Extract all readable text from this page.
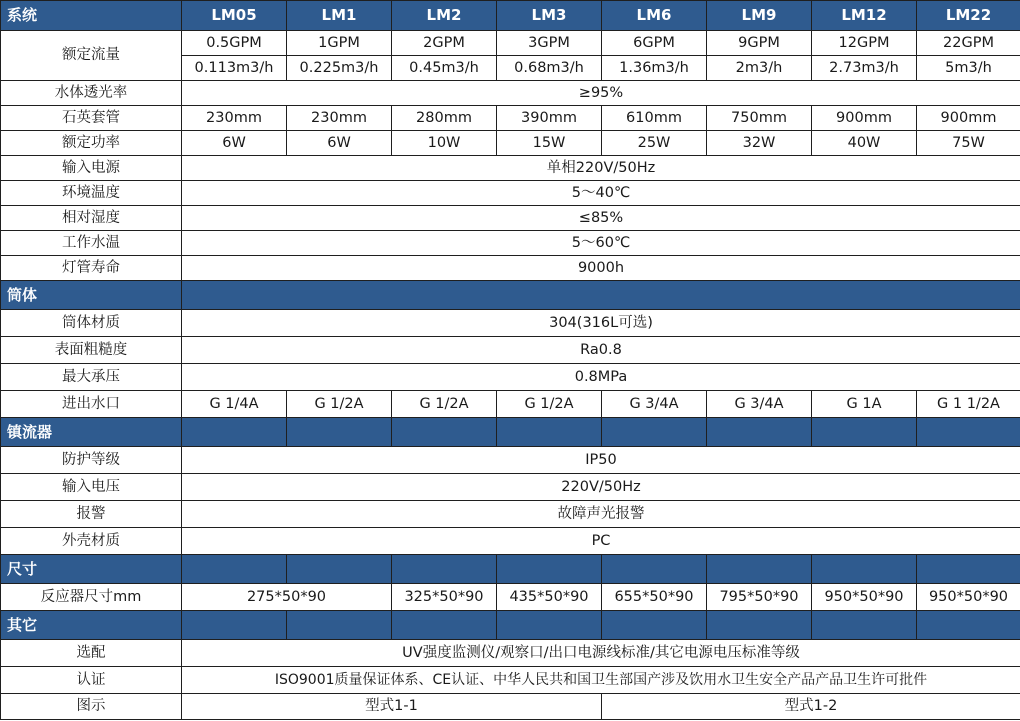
系统	LM05	LM1	LM2	LM3	LM6	LM9	LM12	LM22
额定流量	0.5GPM	1GPM	2GPM	3GPM	6GPM	9GPM	12GPM	22GPM
	0.113m3/h	0.225m3/h	0.45m3/h	0.68m3/h	1.36m3/h	2m3/h	2.73m3/h	5m3/h
水体透光率	≥95%							
石英套管	230mm	230mm	280mm	390mm	610mm	750mm	900mm	900mm
额定功率	6W	6W	10W	15W	25W	32W	40W	75W
输入电源	单相220V/50Hz							
环境温度	5～40℃							
相对湿度	≤85%							
工作水温	5～60℃							
灯管寿命	9000h							
筒体								
筒体材质	304(316L可选)							
表面粗糙度	Ra0.8							
最大承压	0.8MPa							
进出水口	G 1/4A	G 1/2A	G 1/2A	G 1/2A	G 3/4A	G 3/4A	G 1A	G 1 1/2A
镇流器								
防护等级	IP50							
输入电压	220V/50Hz							
报警	故障声光报警							
外壳材质	PC							
尺寸								
反应器尺寸mm	275*50*90		325*50*90	435*50*90	655*50*90	795*50*90	950*50*90	950*50*90
其它								
选配	UV强度监测仪/观察口/出口电源线标准/其它电源电压标准等级							
认证	ISO9001质量保证体系、CE认证、中华人民共和国卫生部国产涉及饮用水卫生安全产品产品卫生许可批件							
图示	型式1-1				型式1-2			
